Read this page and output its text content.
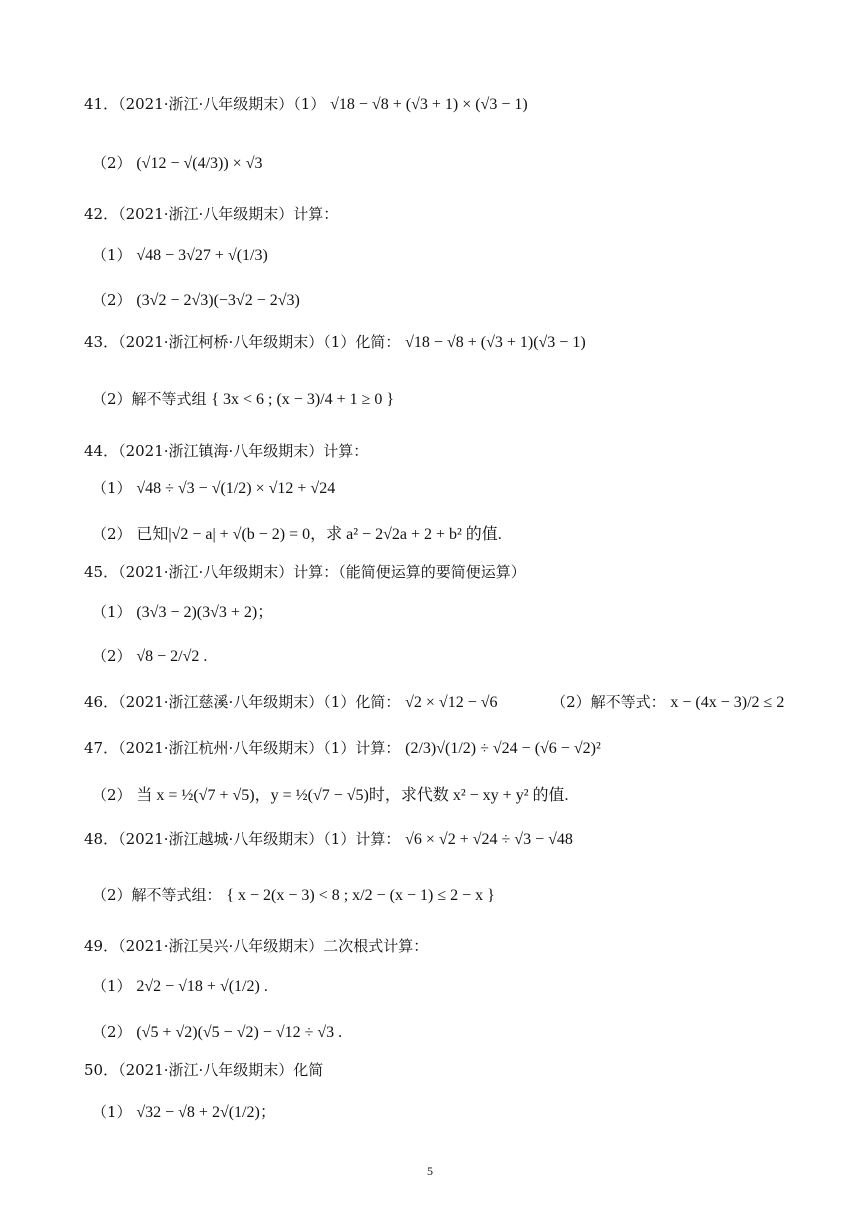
41．（2021·浙江·八年级期末）（1） √18 − √8 + (√3 + 1) × (√3 − 1)
（2） (√12 − √(4/3)) × √3
42．（2021·浙江·八年级期末）计算：
（1） √48 − 3√27 + √(1/3)
（2） (3√2 − 2√3)(−3√2 − 2√3)
43．（2021·浙江柯桥·八年级期末）（1）化简： √18 − √8 + (√3 + 1)(√3 − 1)
（2）解不等式组 { 3x < 6 ; (x − 3)/4 + 1 ≥ 0 }
44．（2021·浙江镇海·八年级期末）计算：
（1） √48 ÷ √3 − √(1/2) × √12 + √24
（2） 已知|√2 − a| + √(b − 2) = 0，求 a² − 2√2a + 2 + b² 的值.
45．（2021·浙江·八年级期末）计算：（能简便运算的要简便运算）
（1） (3√3 − 2)(3√3 + 2)；
（2） √8 − 2/√2 .
46．（2021·浙江慈溪·八年级期末）（1）化简： √2 × √12 − √6	（2）解不等式： x − (4x − 3)/2 ≤ 2
47．（2021·浙江杭州·八年级期末）（1）计算： (2/3)√(1/2) ÷ √24 − (√6 − √2)²
（2） 当 x = ½(√7 + √5)，y = ½(√7 − √5)时，求代数 x² − xy + y² 的值.
48．（2021·浙江越城·八年级期末）（1）计算： √6 × √2 + √24 ÷ √3 − √48
（2）解不等式组： { x − 2(x − 3) < 8 ; x/2 − (x − 1) ≤ 2 − x }
49．（2021·浙江吴兴·八年级期末）二次根式计算：
（1） 2√2 − √18 + √(1/2) .
（2） (√5 + √2)(√5 − √2) − √12 ÷ √3 .
50．（2021·浙江·八年级期末）化简
（1） √32 − √8 + 2√(1/2)；
5
